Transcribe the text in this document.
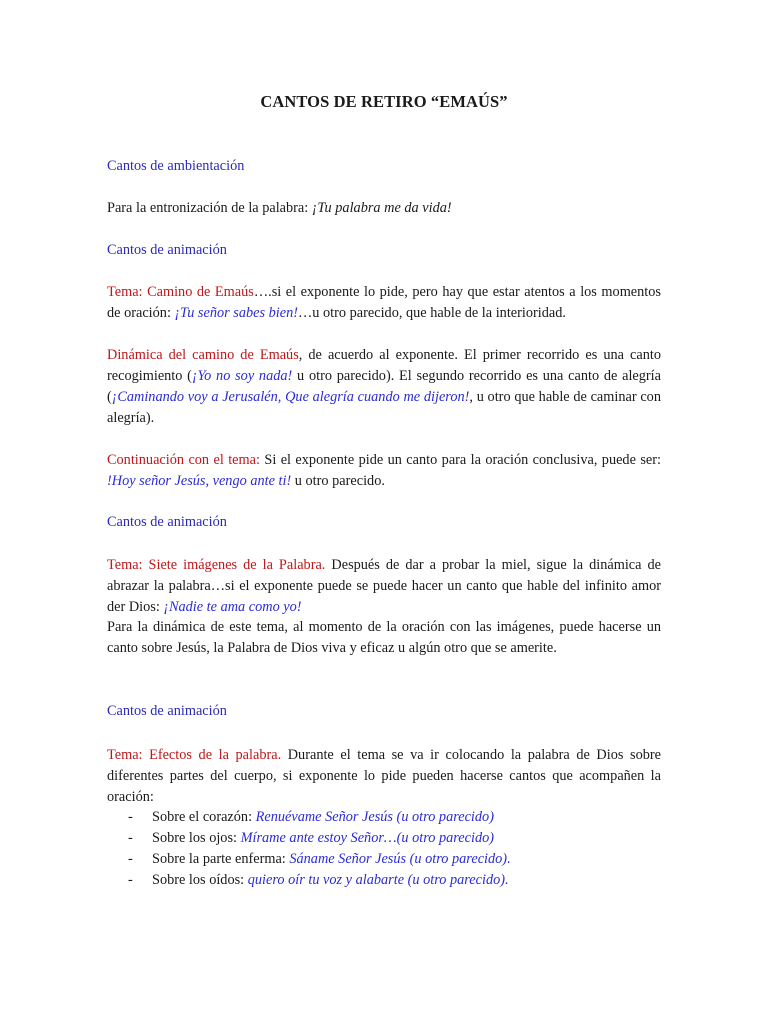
CANTOS DE RETIRO “EMAÚS”
Cantos de ambientación
Para la entronización de la palabra: ¡Tu palabra me da vida!
Cantos de animación
Tema: Camino de Emaús….si el exponente lo pide, pero hay que estar atentos a los momentos de oración: ¡Tu señor sabes bien!…u otro parecido, que hable de la interioridad.
Dinámica del camino de Emaús, de acuerdo al exponente. El primer recorrido es una canto recogimiento (¡Yo no soy nada! u otro parecido). El segundo recorrido es una canto de alegría (¡Caminando voy a Jerusalén, Que alegría cuando me dijeron!, u otro que hable de caminar con alegría).
Continuación con el tema: Si el exponente pide un canto para la oración conclusiva, puede ser: !Hoy señor Jesús, vengo ante ti! u otro parecido.
Cantos de animación
Tema: Siete imágenes de la Palabra. Después de dar a probar la miel, sigue la dinámica de abrazar la palabra…si el exponente puede se puede hacer un canto que hable del infinito amor der Dios: ¡Nadie te ama como yo!
Para la dinámica de este tema, al momento de la oración con las imágenes, puede hacerse un canto sobre Jesús, la Palabra de Dios viva y eficaz u algún otro que se amerite.
Cantos de animación
Tema: Efectos de la palabra. Durante el tema se va ir colocando la palabra de Dios sobre diferentes partes del cuerpo, si exponente lo pide pueden hacerse cantos que acompañen la oración:
- Sobre el corazón: Renuévame Señor Jesús (u otro parecido)
- Sobre los ojos: Mírame ante estoy Señor…(u otro parecido)
- Sobre la parte enferma: Sáname Señor Jesús (u otro parecido).
- Sobre los oídos: quiero oír tu voz y alabarte (u otro parecido).
